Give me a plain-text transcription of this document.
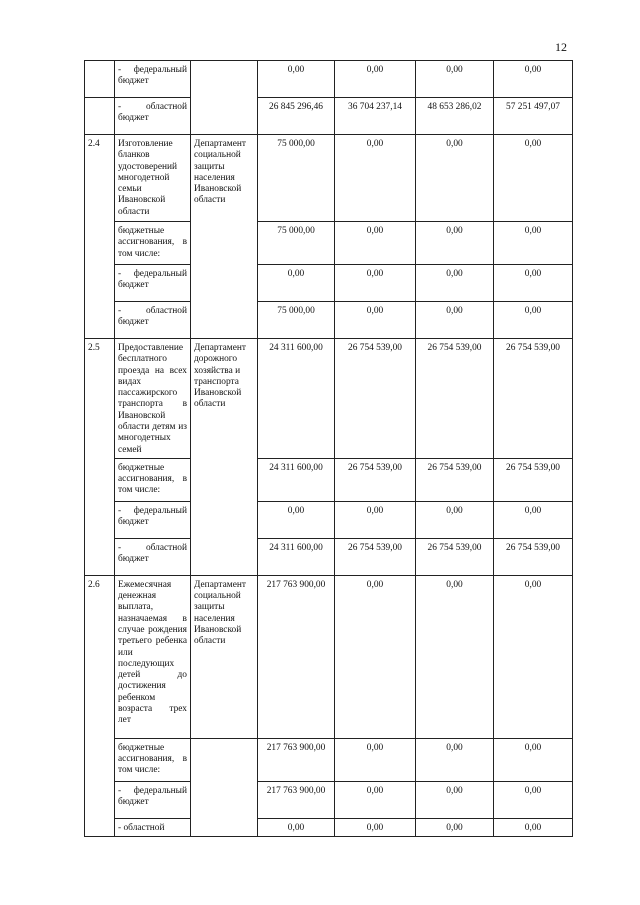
12
	- федеральный бюджет		0,00	0,00	0,00	0,00
	- областной бюджет		26 845 296,46	36 704 237,14	48 653 286,02	57 251 497,07
2.4	Изготовление бланков удостоверений многодетной семьи Ивановской области	Департамент социальной защиты населения Ивановской области	75 000,00	0,00	0,00	0,00
	бюджетные ассигнования, в том числе:		75 000,00	0,00	0,00	0,00
	- федеральный бюджет		0,00	0,00	0,00	0,00
	- областной бюджет		75 000,00	0,00	0,00	0,00
2.5	Предоставление бесплатного проезда на всех видах пассажирского транспорта в Ивановской области детям из многодетных семей	Департамент дорожного хозяйства и транспорта Ивановской области	24 311 600,00	26 754 539,00	26 754 539,00	26 754 539,00
	бюджетные ассигнования, в том числе:		24 311 600,00	26 754 539,00	26 754 539,00	26 754 539,00
	- федеральный бюджет		0,00	0,00	0,00	0,00
	- областной бюджет		24 311 600,00	26 754 539,00	26 754 539,00	26 754 539,00
2.6	Ежемесячная денежная выплата, назначаемая в случае рождения третьего ребенка или последующих детей до достижения ребенком возраста трех лет	Департамент социальной защиты населения Ивановской области	217 763 900,00	0,00	0,00	0,00
	бюджетные ассигнования, в том числе:		217 763 900,00	0,00	0,00	0,00
	- федеральный бюджет		217 763 900,00	0,00	0,00	0,00
	- областной		0,00	0,00	0,00	0,00
